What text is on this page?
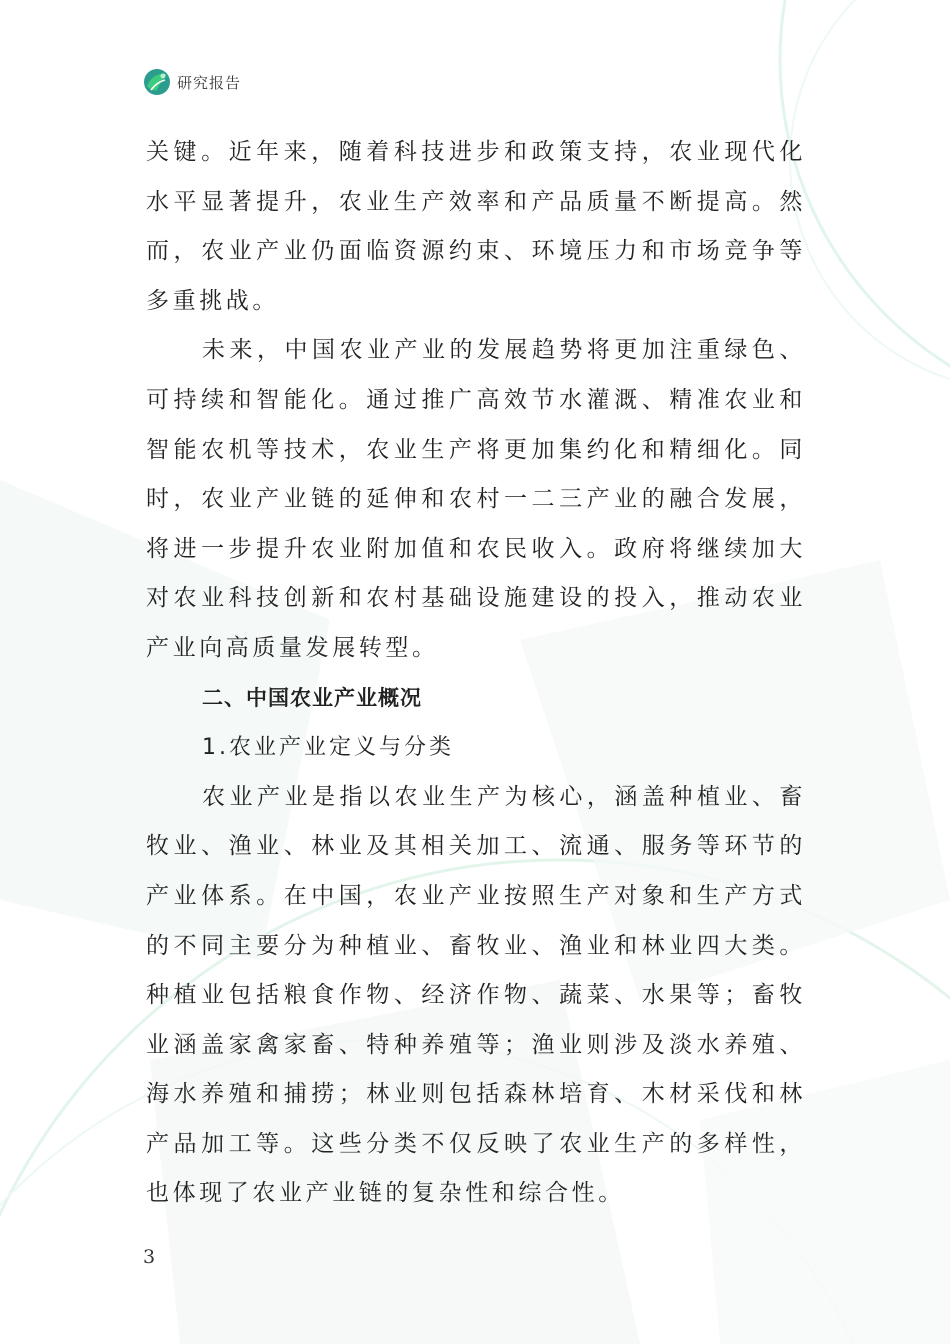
研究报告

关键。近年来，随着科技进步和政策支持，农业现代化水平显著提升，农业生产效率和产品质量不断提高。然而，农业产业仍面临资源约束、环境压力和市场竞争等多重挑战。

未来，中国农业产业的发展趋势将更加注重绿色、可持续和智能化。通过推广高效节水灌溉、精准农业和智能农机等技术，农业生产将更加集约化和精细化。同时，农业产业链的延伸和农村一二三产业的融合发展，将进一步提升农业附加值和农民收入。政府将继续加大对农业科技创新和农村基础设施建设的投入，推动农业产业向高质量发展转型。

二、中国农业产业概况

1.农业产业定义与分类

农业产业是指以农业生产为核心，涵盖种植业、畜牧业、渔业、林业及其相关加工、流通、服务等环节的产业体系。在中国，农业产业按照生产对象和生产方式的不同主要分为种植业、畜牧业、渔业和林业四大类。种植业包括粮食作物、经济作物、蔬菜、水果等；畜牧业涵盖家禽家畜、特种养殖等；渔业则涉及淡水养殖、海水养殖和捕捞；林业则包括森林培育、木材采伐和林产品加工等。这些分类不仅反映了农业生产的多样性，也体现了农业产业链的复杂性和综合性。

3
